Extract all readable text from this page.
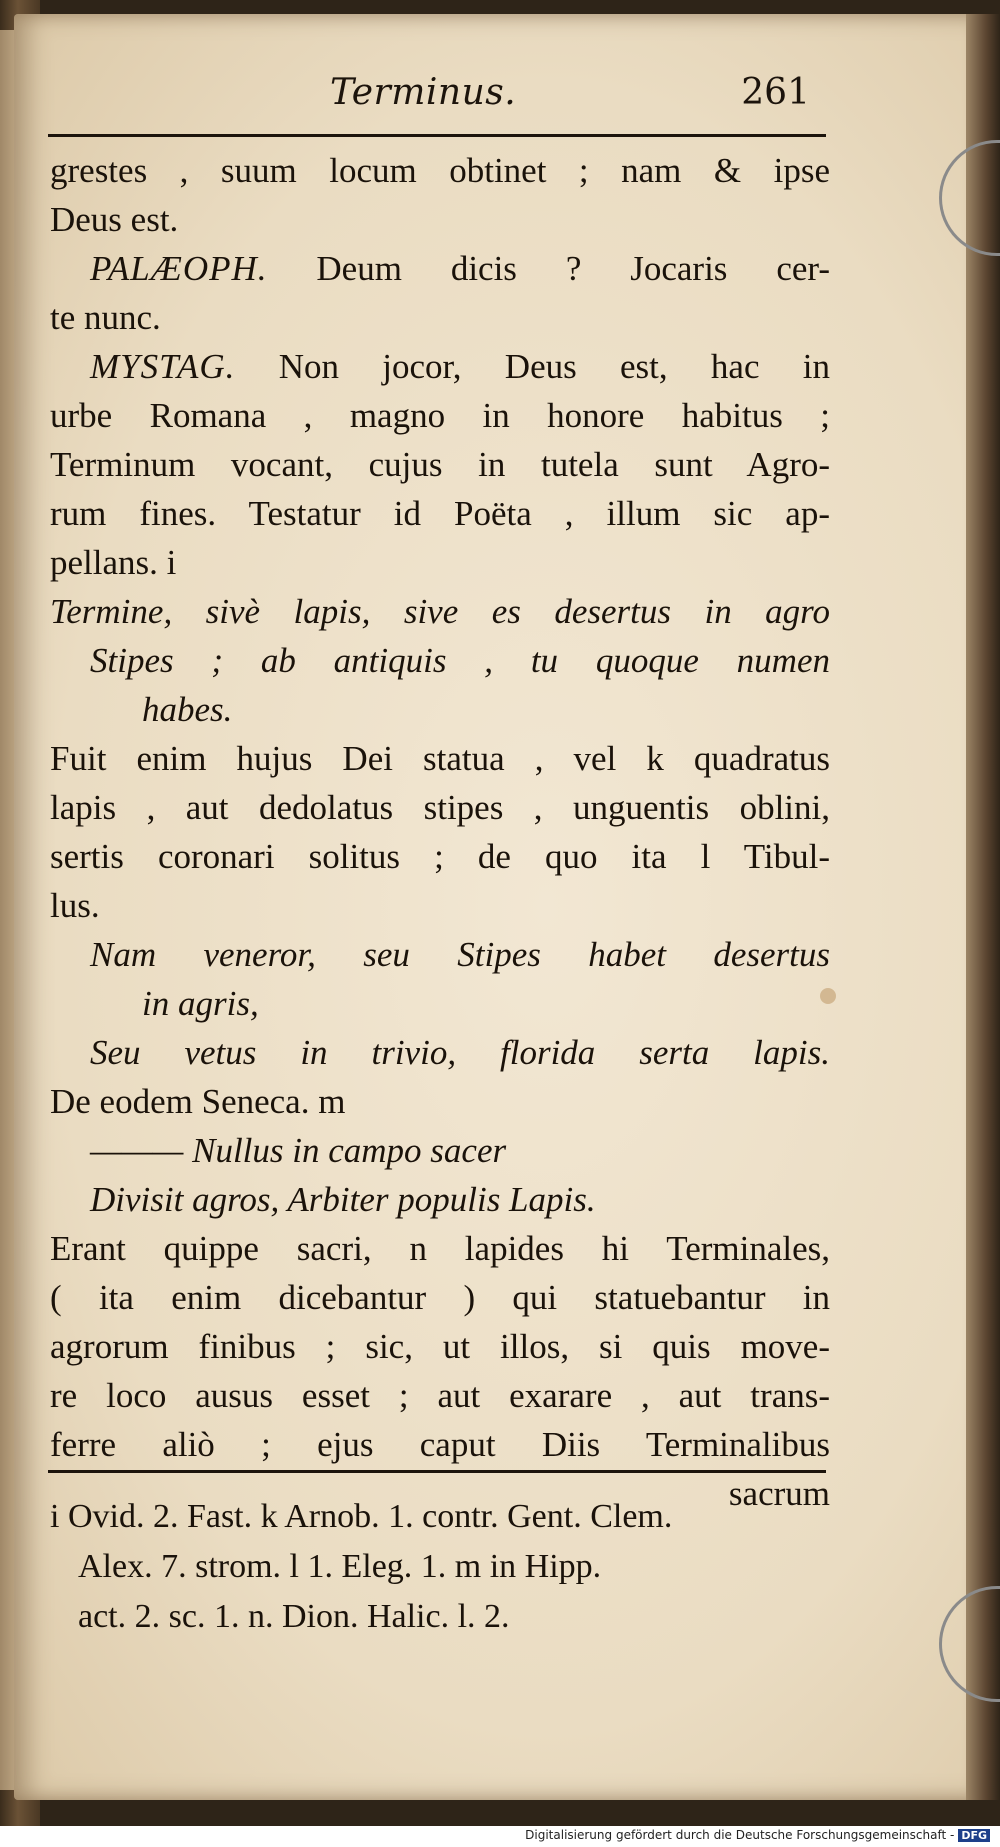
Terminus.	261
grestes , suum locum obtinet ; nam & ipse
Deus est.
PALÆOPH. Deum dicis ? Jocaris cer-
te nunc.
MYSTAG. Non jocor, Deus est, hac in
urbe Romana , magno in honore habitus ;
Terminum vocant, cujus in tutela sunt Agro-
rum fines. Testatur id Poëta , illum sic ap-
pellans. i
Termine, sivè lapis, sive es desertus in agro
Stipes ; ab antiquis , tu quoque numen
habes.
Fuit enim hujus Dei statua , vel k quadratus
lapis , aut dedolatus stipes , unguentis oblini,
sertis coronari solitus ; de quo ita l Tibul-
lus.
Nam veneror, seu Stipes habet desertus
in agris,
Seu vetus in trivio, florida serta lapis.
De eodem Seneca. m
——— Nullus in campo sacer
Divisit agros, Arbiter populis Lapis.
Erant quippe sacri, n lapides hi Terminales,
( ita enim dicebantur ) qui statuebantur in
agrorum finibus ; sic, ut illos, si quis move-
re loco ausus esset ; aut exarare , aut trans-
ferre aliò ; ejus caput Diis Terminalibus
sacrum
i Ovid. 2. Fast. k Arnob. 1. contr. Gent. Clem.
Alex. 7. strom. l 1. Eleg. 1. m in Hipp.
act. 2. sc. 1. n. Dion. Halic. l. 2.
Digitalisierung gefördert durch die Deutsche Forschungsgemeinschaft - DFG
